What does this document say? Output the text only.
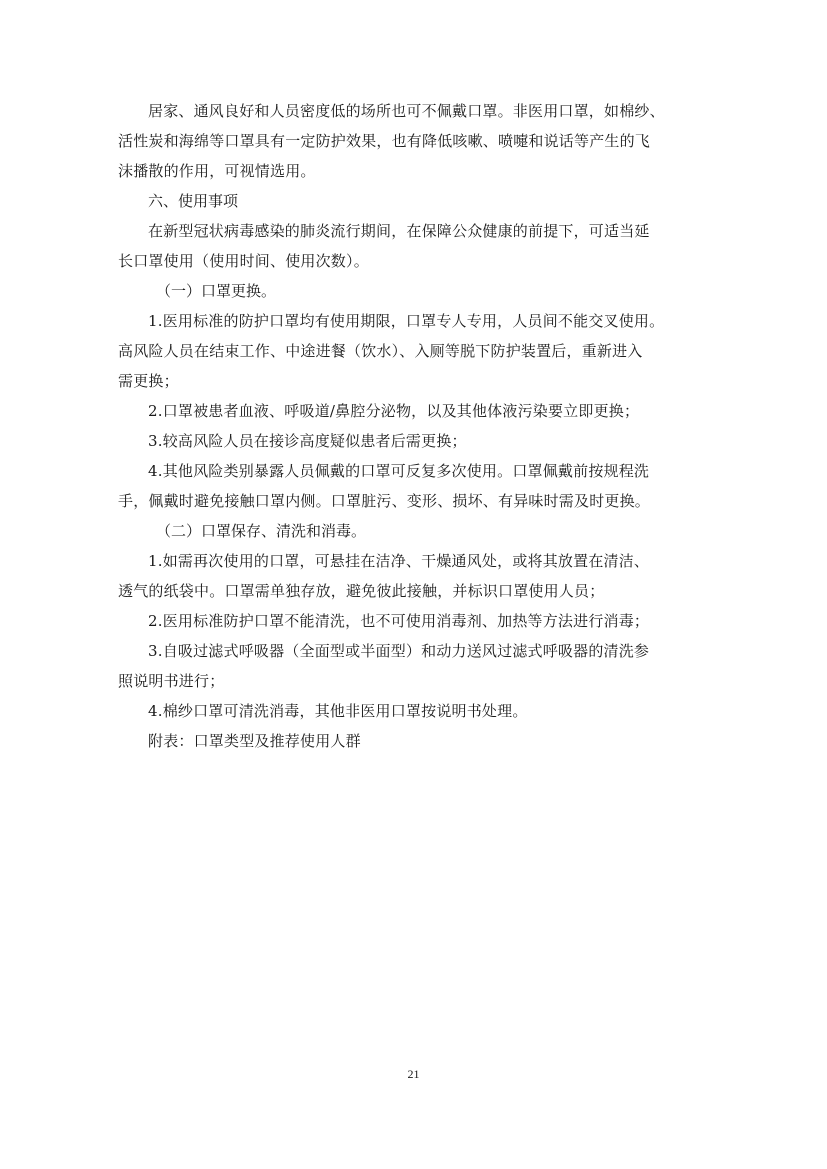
居家、通风良好和人员密度低的场所也可不佩戴口罩。非医用口罩，如棉纱、
活性炭和海绵等口罩具有一定防护效果，也有降低咳嗽、喷嚏和说话等产生的飞
沫播散的作用，可视情选用。

六、使用事项

在新型冠状病毒感染的肺炎流行期间，在保障公众健康的前提下，可适当延
长口罩使用（使用时间、使用次数）。

（一）口罩更换。

1.医用标准的防护口罩均有使用期限，口罩专人专用，人员间不能交叉使用。
高风险人员在结束工作、中途进餐（饮水）、入厕等脱下防护装置后，重新进入
需更换；

2.口罩被患者血液、呼吸道/鼻腔分泌物，以及其他体液污染要立即更换；

3.较高风险人员在接诊高度疑似患者后需更换；

4.其他风险类别暴露人员佩戴的口罩可反复多次使用。口罩佩戴前按规程洗
手，佩戴时避免接触口罩内侧。口罩脏污、变形、损坏、有异味时需及时更换。

（二）口罩保存、清洗和消毒。

1.如需再次使用的口罩，可悬挂在洁净、干燥通风处，或将其放置在清洁、
透气的纸袋中。口罩需单独存放，避免彼此接触，并标识口罩使用人员；

2.医用标准防护口罩不能清洗，也不可使用消毒剂、加热等方法进行消毒；

3.自吸过滤式呼吸器（全面型或半面型）和动力送风过滤式呼吸器的清洗参
照说明书进行；

4.棉纱口罩可清洗消毒，其他非医用口罩按说明书处理。

附表：口罩类型及推荐使用人群

21
